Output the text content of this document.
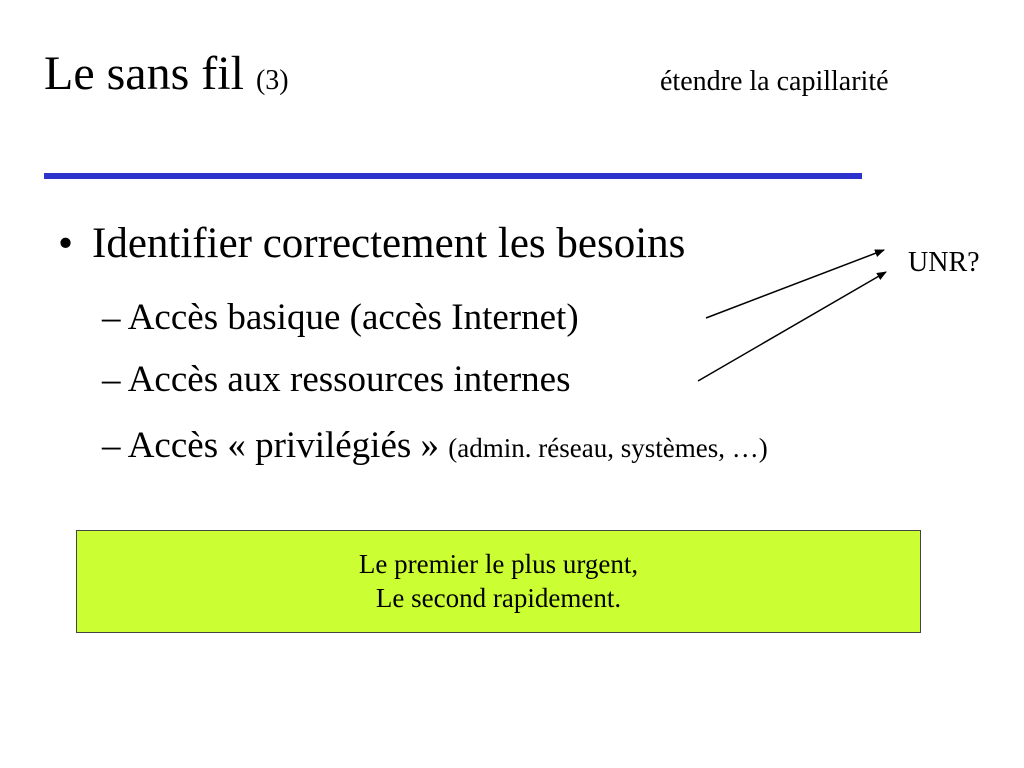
Le sans fil (3)	étendre la capillarité
• Identifier correctement les besoins
– Accès basique (accès Internet)
– Accès aux ressources internes
– Accès « privilégiés » (admin. réseau, systèmes, …)
UNR?
Le premier le plus urgent,
Le second rapidement.
